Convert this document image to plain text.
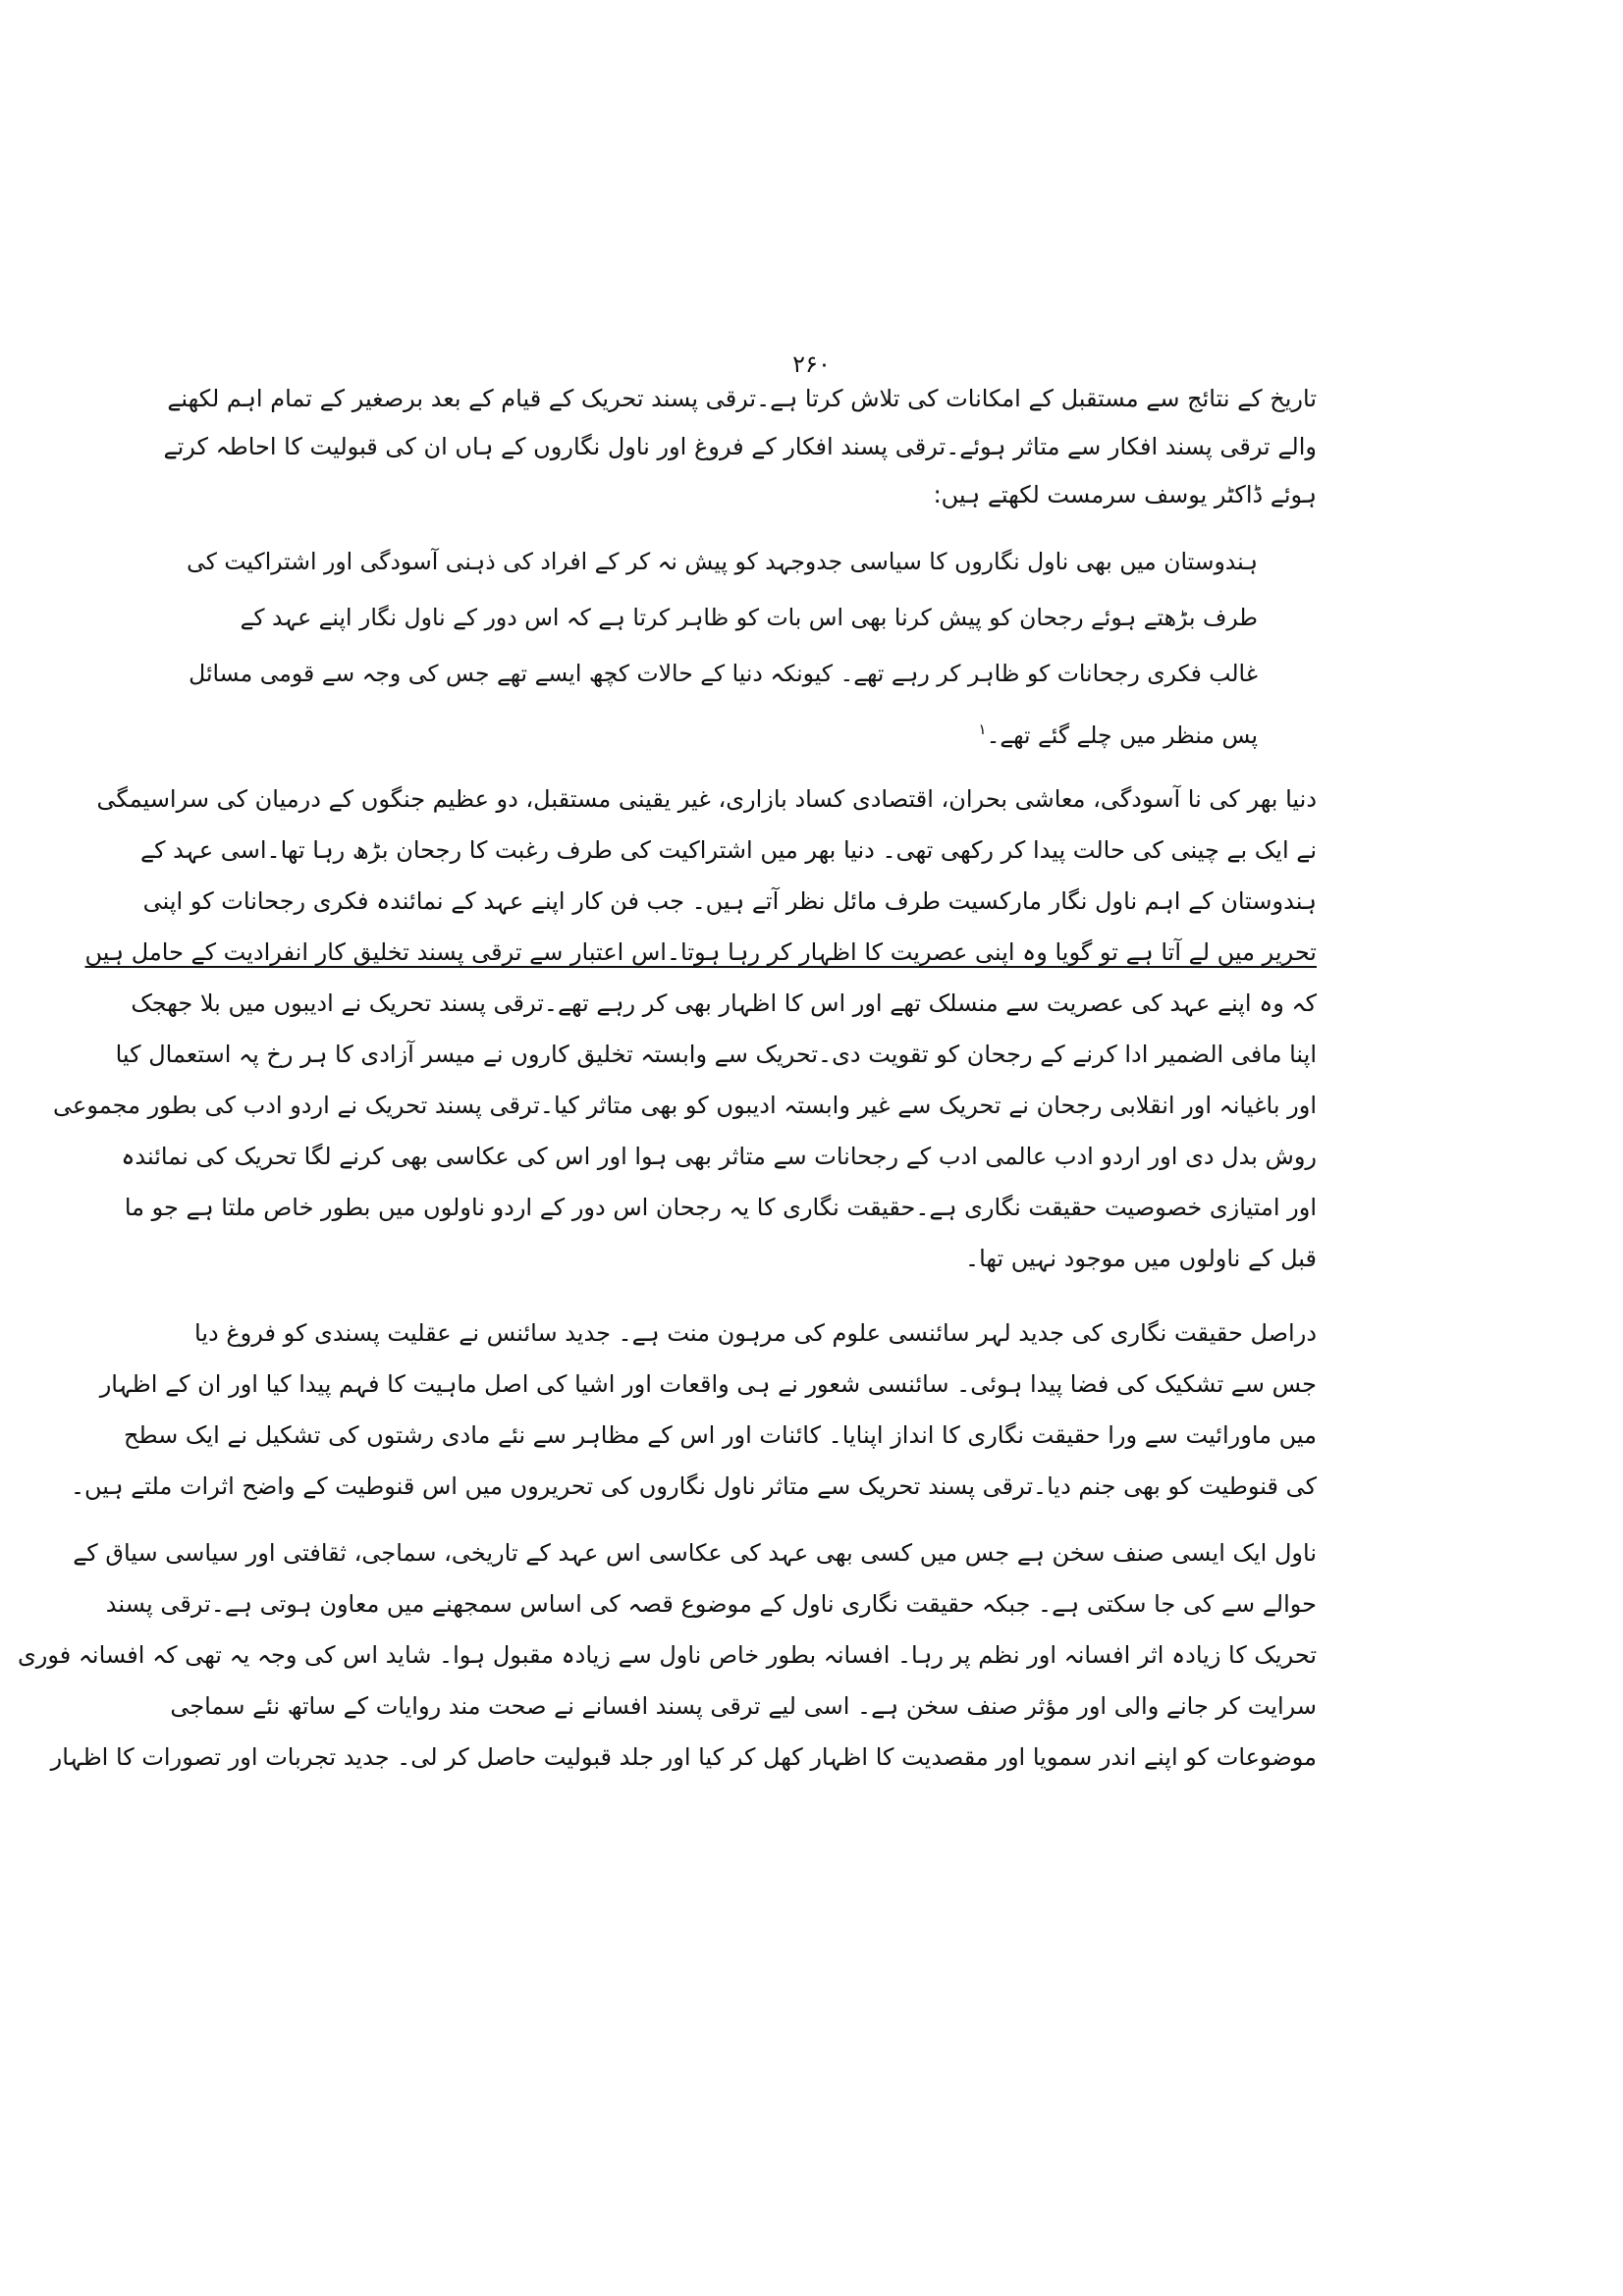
۲۶۰
تاریخ کے نتائج سے مستقبل کے امکانات کی تلاش کرتا ہے۔ترقی پسند تحریک کے قیام کے بعد برصغیر کے تمام اہم لکھنے
والے ترقی پسند افکار سے متاثر ہوئے۔ترقی پسند افکار کے فروغ اور ناول نگاروں کے ہاں ان کی قبولیت کا احاطہ کرتے
ہوئے ڈاکٹر یوسف سرمست لکھتے ہیں:
ہندوستان میں بھی ناول نگاروں کا سیاسی جدوجہد کو پیش نہ کر کے افراد کی ذہنی آسودگی اور اشتراکیت کی
طرف بڑھتے ہوئے رجحان کو پیش کرنا بھی اس بات کو ظاہر کرتا ہے کہ اس دور کے ناول نگار اپنے عہد کے
غالب فکری رجحانات کو ظاہر کر رہے تھے۔ کیونکہ دنیا کے حالات کچھ ایسے تھے جس کی وجہ سے قومی مسائل
پس منظر میں چلے گئے تھے۔$^۱$
دنیا بھر کی نا آسودگی، معاشی بحران، اقتصادی کساد بازاری، غیر یقینی مستقبل، دو عظیم جنگوں کے درمیان کی سراسیمگی
نے ایک بے چینی کی حالت پیدا کر رکھی تھی۔ دنیا بھر میں اشتراکیت کی طرف رغبت کا رجحان بڑھ رہا تھا۔اسی عہد کے
ہندوستان کے اہم ناول نگار مارکسیت طرف مائل نظر آتے ہیں۔ جب فن کار اپنے عہد کے نمائندہ فکری رجحانات کو اپنی
تحریر میں لے آتا ہے تو گویا وہ اپنی عصریت کا اظہار کر رہا ہوتا۔اس اعتبار سے ترقی پسند تخلیق کار انفرادیت کے حامل ہیں
کہ وہ اپنے عہد کی عصریت سے منسلک تھے اور اس کا اظہار بھی کر رہے تھے۔ترقی پسند تحریک نے ادیبوں میں بلا جھجک
اپنا مافی الضمیر ادا کرنے کے رجحان کو تقویت دی۔تحریک سے وابستہ تخلیق کاروں نے میسر آزادی کا ہر رخ پہ استعمال کیا
اور باغیانہ اور انقلابی رجحان نے تحریک سے غیر وابستہ ادیبوں کو بھی متاثر کیا۔ترقی پسند تحریک نے اردو ادب کی بطور مجموعی
روش بدل دی اور اردو ادب عالمی ادب کے رجحانات سے متاثر بھی ہوا اور اس کی عکاسی بھی کرنے لگا تحریک کی نمائندہ
اور امتیازی خصوصیت حقیقت نگاری ہے۔حقیقت نگاری کا یہ رجحان اس دور کے اردو ناولوں میں بطور خاص ملتا ہے جو ما
قبل کے ناولوں میں موجود نہیں تھا۔
دراصل حقیقت نگاری کی جدید لہر سائنسی علوم کی مرہون منت ہے۔ جدید سائنس نے عقلیت پسندی کو فروغ دیا
جس سے تشکیک کی فضا پیدا ہوئی۔ سائنسی شعور نے ہی واقعات اور اشیا کی اصل ماہیت کا فہم پیدا کیا اور ان کے اظہار
میں ماورائیت سے ورا حقیقت نگاری کا انداز اپنایا۔ کائنات اور اس کے مظاہر سے نئے مادی رشتوں کی تشکیل نے ایک سطح
کی قنوطیت کو بھی جنم دیا۔ترقی پسند تحریک سے متاثر ناول نگاروں کی تحریروں میں اس قنوطیت کے واضح اثرات ملتے ہیں۔
ناول ایک ایسی صنف سخن ہے جس میں کسی بھی عہد کی عکاسی اس عہد کے تاریخی، سماجی، ثقافتی اور سیاسی سیاق کے
حوالے سے کی جا سکتی ہے۔ جبکہ حقیقت نگاری ناول کے موضوع قصہ کی اساس سمجھنے میں معاون ہوتی ہے۔ترقی پسند
تحریک کا زیادہ اثر افسانہ اور نظم پر رہا۔ افسانہ بطور خاص ناول سے زیادہ مقبول ہوا۔ شاید اس کی وجہ یہ تھی کہ افسانہ فوری
سرایت کر جانے والی اور مؤثر صنف سخن ہے۔ اسی لیے ترقی پسند افسانے نے صحت مند روایات کے ساتھ نئے سماجی
موضوعات کو اپنے اندر سمویا اور مقصدیت کا اظہار کھل کر کیا اور جلد قبولیت حاصل کر لی۔ جدید تجربات اور تصورات کا اظہار
